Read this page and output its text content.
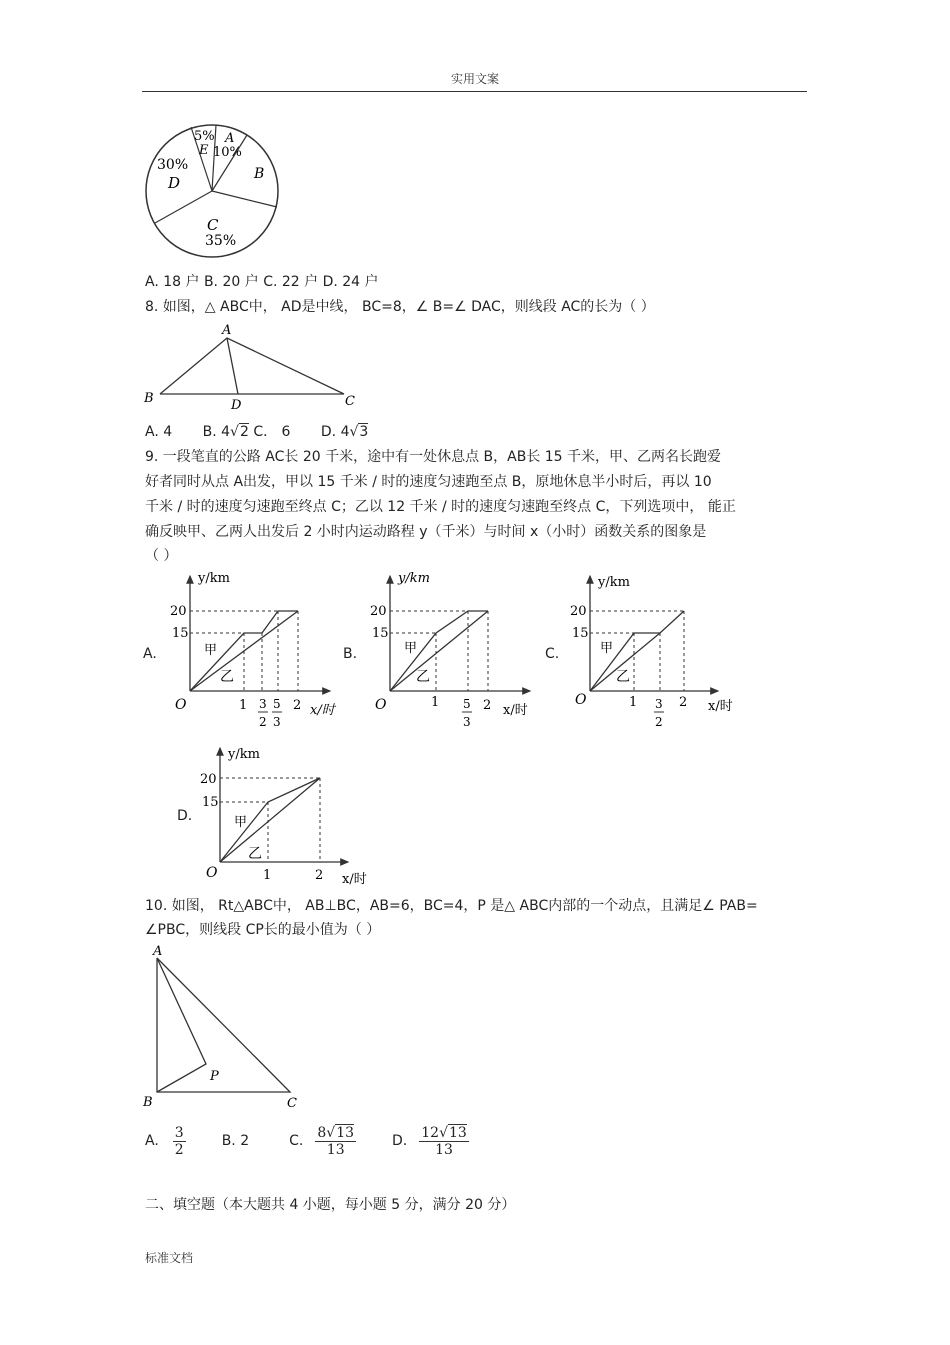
实用文案
5% A
E 10%
B
30%
D
C
35%
A. 18 户 B. 20 户 C. 22 户 D. 24 户
8. 如图，△ ABC中， AD是中线， BC=8，∠ B=∠ DAC，则线段 AC的长为（ ）
A
B	C
D
A. 4 B. 4√2 C． 6 D. 4√3
9. 一段笔直的公路 AC长 20 千米，途中有一处休息点 B，AB长 15 千米，甲、乙两名长跑爱
好者同时从点 A出发，甲以 15 千米 / 时的速度匀速跑至点 B，原地休息半小时后，再以 10
千米 / 时的速度匀速跑至终点 C；乙以 12 千米 / 时的速度匀速跑至终点 C，下列选项中， 能正
确反映甲、乙两人出发后 2 小时内运动路程 y（千米）与时间 x（小时）函数关系的图象是
（ ）
A.	B.	C.
D.
y/km
20
15
O
甲
乙
1 3
2
5
3
2 x/时
y/km
20
15
O
甲
乙
1 5
3
2 x/时
y/km
20
15
O
甲
乙
1 3
2
2 x/时
y/km
20
15
O
甲
乙
1	2 x/时
10. 如图， Rt△ABC中， AB⊥BC，AB=6，BC=4，P 是△ ABC内部的一个动点，且满足∠ PAB=
∠PBC，则线段 CP长的最小值为（ ）
A
B	C
P
A. $\frac{3}{2}$	B. 2	C. $\frac{8√13}{13}$	D. $\frac{12√13}{13}$
二、填空题（本大题共 4 小题，每小题 5 分，满分 20 分）
标准文档
